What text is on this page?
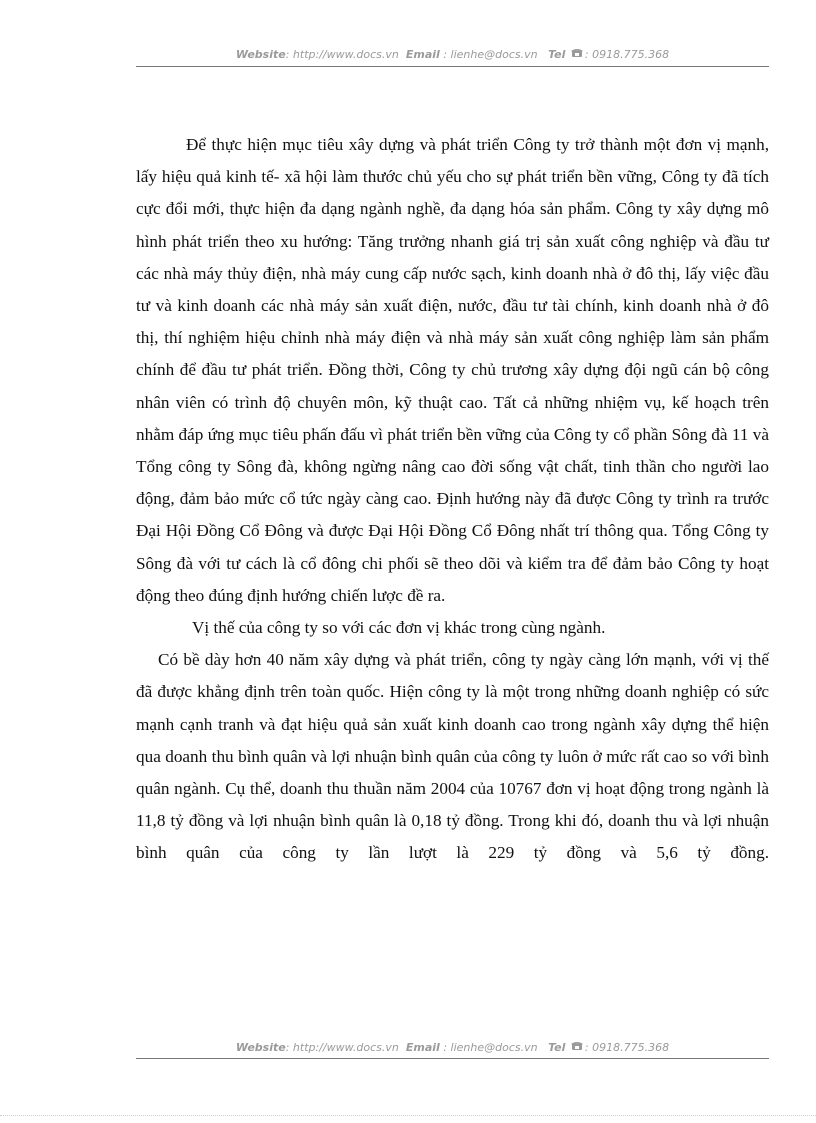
Website: http://www.docs.vn Email : lienhe@docs.vn Tel : 0918.775.368

Để thực hiện mục tiêu xây dựng và phát triển Công ty trở thành một đơn vị mạnh, lấy hiệu quả kinh tế- xã hội làm thước chủ yếu cho sự phát triển bền vững, Công ty đã tích cực đổi mới, thực hiện đa dạng ngành nghề, đa dạng hóa sản phẩm. Công ty xây dựng mô hình phát triển theo xu hướng: Tăng trưởng nhanh giá trị sản xuất công nghiệp và đầu tư các nhà máy thủy điện, nhà máy cung cấp nước sạch, kinh doanh nhà ở đô thị, lấy việc đầu tư và kinh doanh các nhà máy sản xuất điện, nước, đầu tư tài chính, kinh doanh nhà ở đô thị, thí nghiệm hiệu chỉnh nhà máy điện và nhà máy sản xuất công nghiệp làm sản phẩm chính để đầu tư phát triển. Đồng thời, Công ty chủ trương xây dựng đội ngũ cán bộ công nhân viên có trình độ chuyên môn, kỹ thuật cao. Tất cả những nhiệm vụ, kế hoạch trên nhằm đáp ứng mục tiêu phấn đấu vì phát triển bền vững của Công ty cổ phần Sông đà 11 và Tổng công ty Sông đà, không ngừng nâng cao đời sống vật chất, tinh thần cho người lao động, đảm bảo mức cổ tức ngày càng cao. Định hướng này đã được Công ty trình ra trước Đại Hội Đồng Cổ Đông và được Đại Hội Đồng Cổ Đông nhất trí thông qua. Tổng Công ty Sông đà với tư cách là cổ đông chi phối sẽ theo dõi và kiểm tra để đảm bảo Công ty hoạt động theo đúng định hướng chiến lược đề ra.

Vị thế của công ty so với các đơn vị khác trong cùng ngành.

Có bề dày hơn 40 năm xây dựng và phát triển, công ty ngày càng lớn mạnh, với vị thế đã được khẳng định trên toàn quốc. Hiện công ty là một trong những doanh nghiệp có sức mạnh cạnh tranh và đạt hiệu quả sản xuất kinh doanh cao trong ngành xây dựng thể hiện qua doanh thu bình quân và lợi nhuận bình quân của công ty luôn ở mức rất cao so với bình quân ngành. Cụ thể, doanh thu thuần năm 2004 của 10767 đơn vị hoạt động trong ngành là 11,8 tỷ đồng và lợi nhuận bình quân là 0,18 tỷ đồng. Trong khi đó, doanh thu và lợi nhuận bình quân của công ty lần lượt là 229 tỷ đồng và 5,6 tỷ đồng.

Website: http://www.docs.vn Email : lienhe@docs.vn Tel : 0918.775.368
